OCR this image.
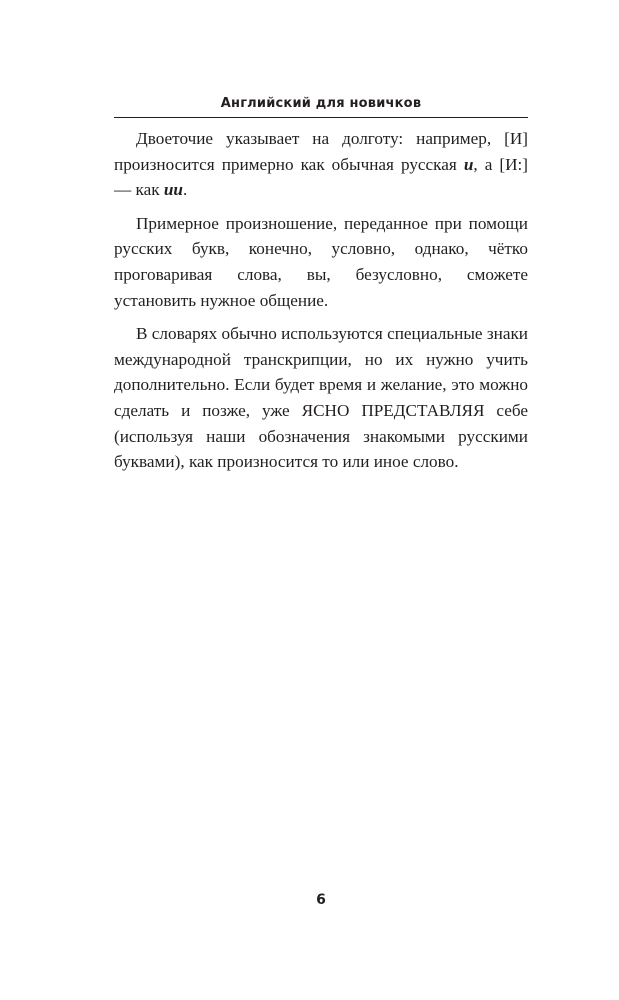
Английский для новичков

Двоеточие указывает на долготу: например, [И] произносится примерно как обычная русская и, а [И:] — как ии.

Примерное произношение, переданное при помощи русских букв, конечно, условно, однако, чётко проговаривая слова, вы, безусловно, сможете установить нужное общение.

В словарях обычно используются специальные знаки международной транскрипции, но их нужно учить дополнительно. Если будет время и желание, это можно сделать и позже, уже ЯСНО ПРЕДСТАВЛЯЯ себе (используя наши обозначения знакомыми русскими буквами), как произносится то или иное слово.

6
